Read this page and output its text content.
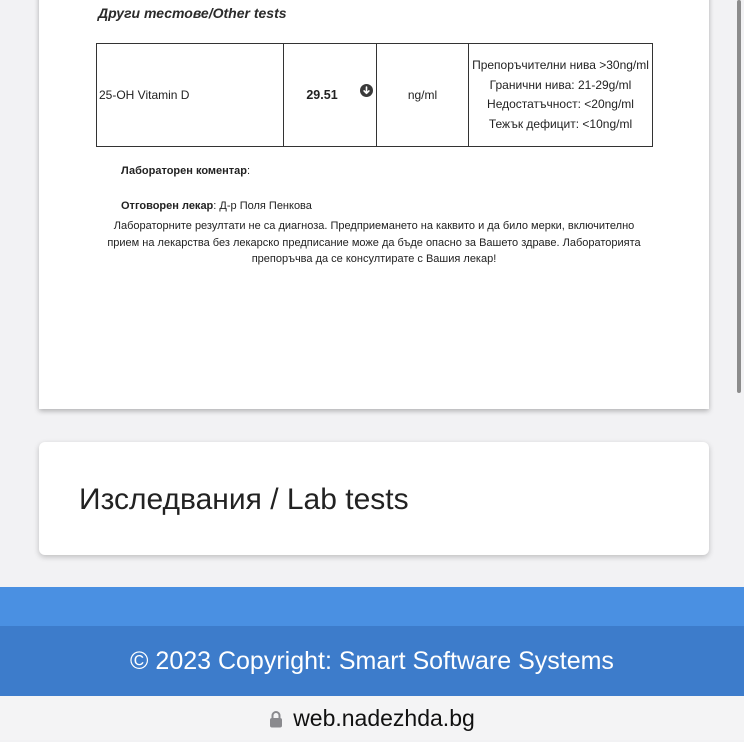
Други тестове/Other tests
25-OH Vitamin D	29.51	ng/ml	Препоръчителни нива >30ng/ml Гранични нива: 21-29g/ml Недостатъчност: <20ng/ml Тежък дефицит: <10ng/ml
Лабораторен коментар:
Отговорен лекар: Д-р Поля Пенкова
Лабораторните резултати не са диагноза. Предприемането на каквито и да било мерки, включително прием на лекарства без лекарско предписание може да бъде опасно за Вашето здраве. Лабораторията препоръчва да се консултирате с Вашия лекар!
Изследвания / Lab tests
© 2023 Copyright: Smart Software Systems
web.nadezhda.bg
